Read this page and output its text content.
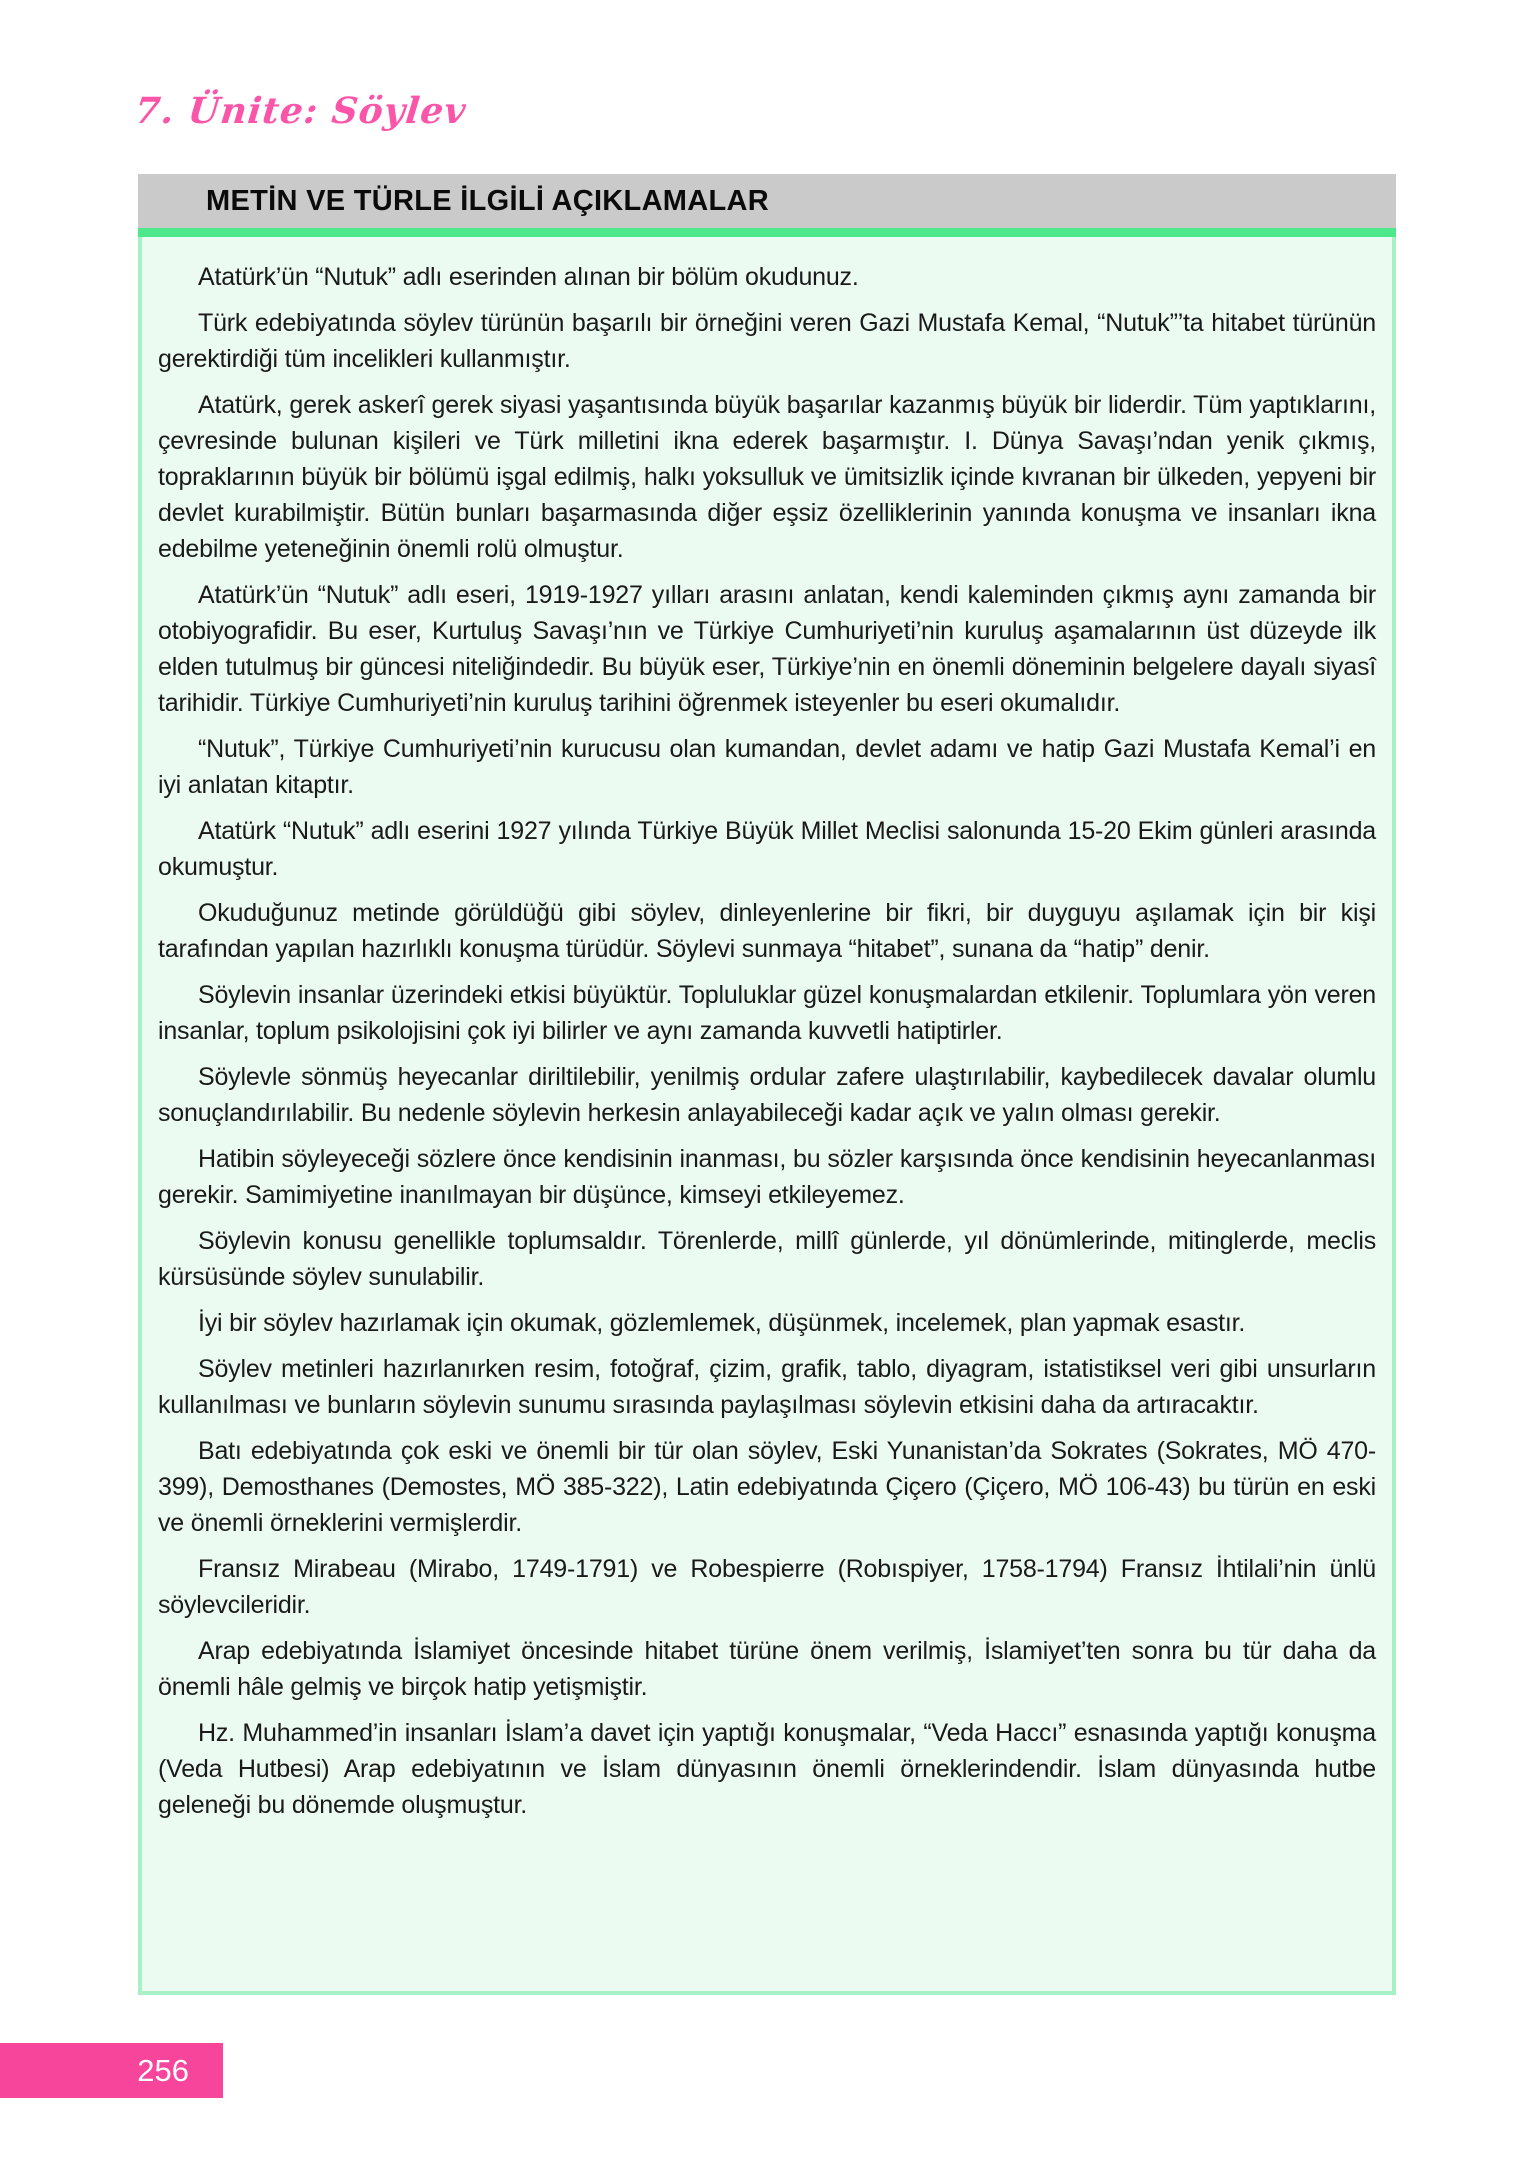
7. Ünite: Söylev
METİN VE TÜRLE İLGİLİ AÇIKLAMALAR

Atatürk’ün “Nutuk” adlı eserinden alınan bir bölüm okudunuz.

Türk edebiyatında söylev türünün başarılı bir örneğini veren Gazi Mustafa Kemal, “Nutuk”’ta hitabet türünün gerektirdiği tüm incelikleri kullanmıştır.

Atatürk, gerek askerî gerek siyasi yaşantısında büyük başarılar kazanmış büyük bir liderdir. Tüm yaptıklarını, çevresinde bulunan kişileri ve Türk milletini ikna ederek başarmıştır. I. Dünya Savaşı’ndan yenik çıkmış, topraklarının büyük bir bölümü işgal edilmiş, halkı yoksulluk ve ümitsizlik içinde kıvranan bir ülkeden, yepyeni bir devlet kurabilmiştir. Bütün bunları başarmasında diğer eşsiz özelliklerinin yanında konuşma ve insanları ikna edebilme yeteneğinin önemli rolü olmuştur.

Atatürk’ün “Nutuk” adlı eseri, 1919-1927 yılları arasını anlatan, kendi kaleminden çıkmış aynı zamanda bir otobiyografidir. Bu eser, Kurtuluş Savaşı’nın ve Türkiye Cumhuriyeti’nin kuruluş aşamalarının üst düzeyde ilk elden tutulmuş bir güncesi niteliğindedir. Bu büyük eser, Türkiye’nin en önemli döneminin belgelere dayalı siyasî tarihidir. Türkiye Cumhuriyeti’nin kuruluş tarihini öğrenmek isteyenler bu eseri okumalıdır.

“Nutuk”, Türkiye Cumhuriyeti’nin kurucusu olan kumandan, devlet adamı ve hatip Gazi Mustafa Kemal’i en iyi anlatan kitaptır.

Atatürk “Nutuk” adlı eserini 1927 yılında Türkiye Büyük Millet Meclisi salonunda 15-20 Ekim günleri arasında okumuştur.

Okuduğunuz metinde görüldüğü gibi söylev, dinleyenlerine bir fikri, bir duyguyu aşılamak için bir kişi tarafından yapılan hazırlıklı konuşma türüdür. Söylevi sunmaya “hitabet”, sunana da “hatip” denir.

Söylevin insanlar üzerindeki etkisi büyüktür. Topluluklar güzel konuşmalardan etkilenir. Toplumlara yön veren insanlar, toplum psikolojisini çok iyi bilirler ve aynı zamanda kuvvetli hatiptirler.

Söylevle sönmüş heyecanlar diriltilebilir, yenilmiş ordular zafere ulaştırılabilir, kaybedilecek davalar olumlu sonuçlandırılabilir. Bu nedenle söylevin herkesin anlayabileceği kadar açık ve yalın olması gerekir.

Hatibin söyleyeceği sözlere önce kendisinin inanması, bu sözler karşısında önce kendisinin heyecanlanması gerekir. Samimiyetine inanılmayan bir düşünce, kimseyi etkileyemez.

Söylevin konusu genellikle toplumsaldır. Törenlerde, millî günlerde, yıl dönümlerinde, mitinglerde, meclis kürsüsünde söylev sunulabilir.

İyi bir söylev hazırlamak için okumak, gözlemlemek, düşünmek, incelemek, plan yapmak esastır.

Söylev metinleri hazırlanırken resim, fotoğraf, çizim, grafik, tablo, diyagram, istatistiksel veri gibi unsurların kullanılması ve bunların söylevin sunumu sırasında paylaşılması söylevin etkisini daha da artıracaktır.

Batı edebiyatında çok eski ve önemli bir tür olan söylev, Eski Yunanistan’da Sokrates (Sokrates, MÖ 470-399), Demosthanes (Demostes, MÖ 385-322), Latin edebiyatında Çiçero (Çiçero, MÖ 106-43) bu türün en eski ve önemli örneklerini vermişlerdir.

Fransız Mirabeau (Mirabo, 1749-1791) ve Robespierre (Robıspiyer, 1758-1794) Fransız İhtilali’nin ünlü söylevcileridir.

Arap edebiyatında İslamiyet öncesinde hitabet türüne önem verilmiş, İslamiyet’ten sonra bu tür daha da önemli hâle gelmiş ve birçok hatip yetişmiştir.

Hz. Muhammed’in insanları İslam’a davet için yaptığı konuşmalar, “Veda Haccı” esnasında yaptığı konuşma (Veda Hutbesi) Arap edebiyatının ve İslam dünyasının önemli örneklerindendir. İslam dünyasında hutbe geleneği bu dönemde oluşmuştur.

256
